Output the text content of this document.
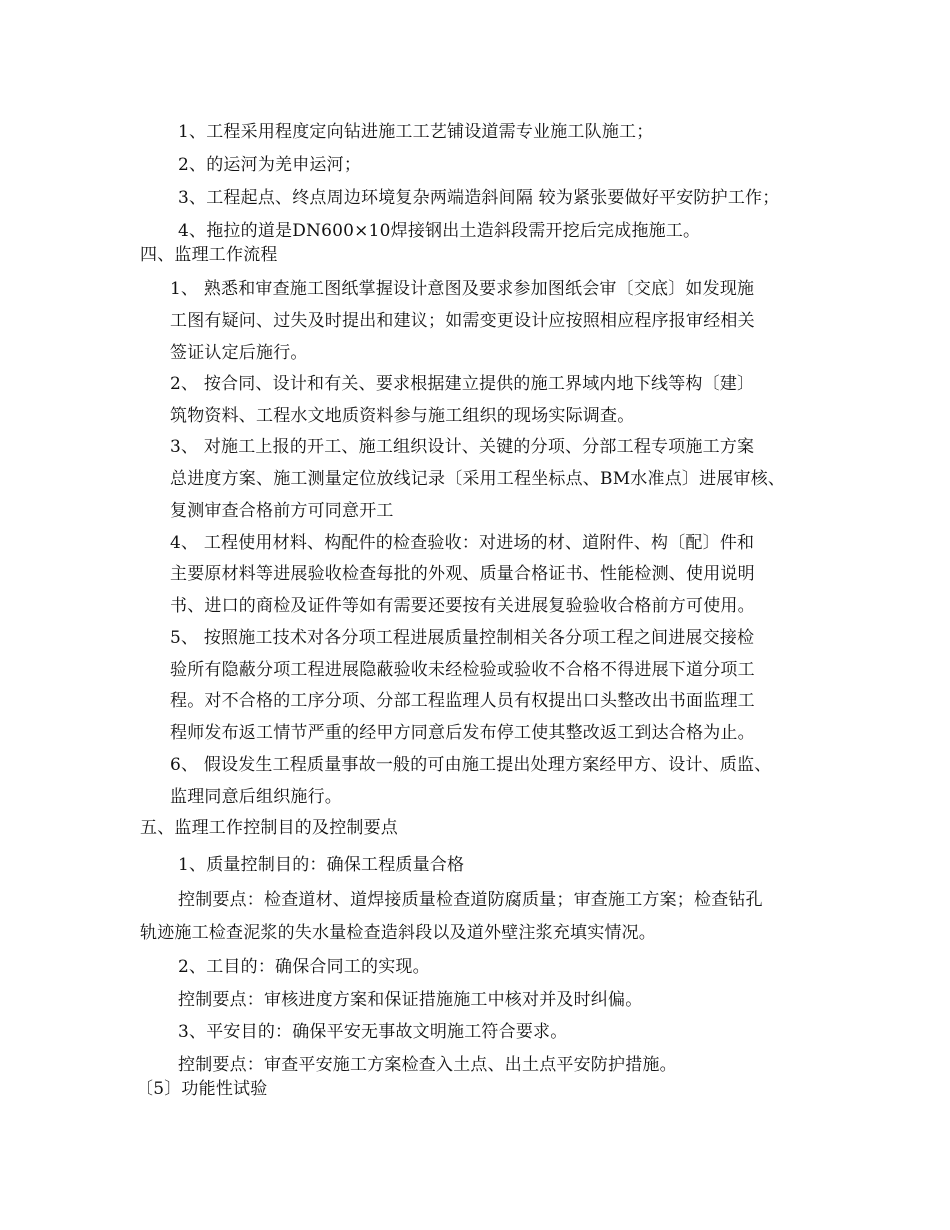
1、工程采用程度定向钻进施工工艺铺设道需专业施工队施工；
2、的运河为羌申运河；
3、工程起点、终点周边环境复杂两端造斜间隔 较为紧张要做好平安防护工作；
4、拖拉的道是DN600×10焊接钢出土造斜段需开挖后完成拖施工。
四、监理工作流程
1、 熟悉和审查施工图纸掌握设计意图及要求参加图纸会审〔交底〕如发现施
工图有疑问、过失及时提出和建议；如需变更设计应按照相应程序报审经相关
签证认定后施行。
2、 按合同、设计和有关、要求根据建立提供的施工界域内地下线等构〔建〕
筑物资料、工程水文地质资料参与施工组织的现场实际调查。
3、 对施工上报的开工、施工组织设计、关键的分项、分部工程专项施工方案
总进度方案、施工测量定位放线记录〔采用工程坐标点、BM水准点〕进展审核、
复测审查合格前方可同意开工
4、 工程使用材料、构配件的检查验收：对进场的材、道附件、构〔配〕件和
主要原材料等进展验收检查每批的外观、质量合格证书、性能检测、使用说明
书、进口的商检及证件等如有需要还要按有关进展复验验收合格前方可使用。
5、 按照施工技术对各分项工程进展质量控制相关各分项工程之间进展交接检
验所有隐蔽分项工程进展隐蔽验收未经检验或验收不合格不得进展下道分项工
程。对不合格的工序分项、分部工程监理人员有权提出口头整改出书面监理工
程师发布返工情节严重的经甲方同意后发布停工使其整改返工到达合格为止。
6、 假设发生工程质量事故一般的可由施工提出处理方案经甲方、设计、质监、
监理同意后组织施行。
五、监理工作控制目的及控制要点
1、质量控制目的：确保工程质量合格
控制要点：检查道材、道焊接质量检查道防腐质量；审查施工方案；检查钻孔
轨迹施工检查泥浆的失水量检查造斜段以及道外壁注浆充填实情况。
2、工目的：确保合同工的实现。
控制要点：审核进度方案和保证措施施工中核对并及时纠偏。
3、平安目的：确保平安无事故文明施工符合要求。
控制要点：审查平安施工方案检查入土点、出土点平安防护措施。
〔5〕功能性试验
